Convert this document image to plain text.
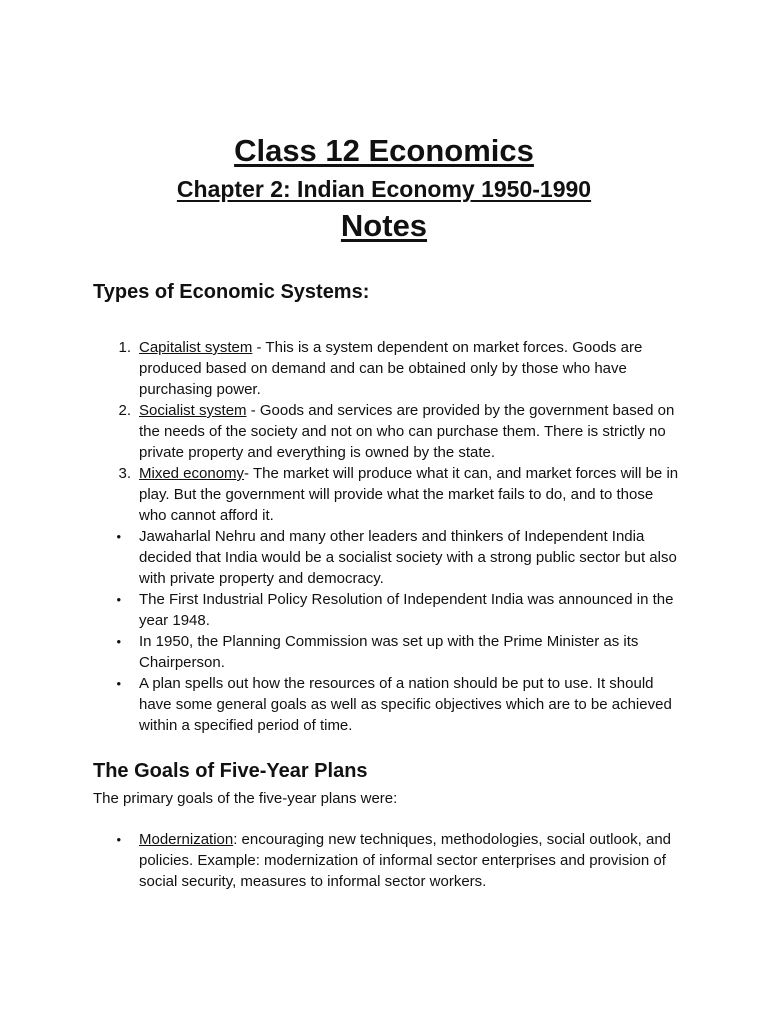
Class 12 Economics
Chapter 2: Indian Economy 1950-1990
Notes
Types of Economic Systems:
1. Capitalist system - This is a system dependent on market forces. Goods are produced based on demand and can be obtained only by those who have purchasing power.
2. Socialist system - Goods and services are provided by the government based on the needs of the society and not on who can purchase them. There is strictly no private property and everything is owned by the state.
3. Mixed economy- The market will produce what it can, and market forces will be in play. But the government will provide what the market fails to do, and to those who cannot afford it.
• Jawaharlal Nehru and many other leaders and thinkers of Independent India decided that India would be a socialist society with a strong public sector but also with private property and democracy.
• The First Industrial Policy Resolution of Independent India was announced in the year 1948.
• In 1950, the Planning Commission was set up with the Prime Minister as its Chairperson.
• A plan spells out how the resources of a nation should be put to use. It should have some general goals as well as specific objectives which are to be achieved within a specified period of time.
The Goals of Five-Year Plans

The primary goals of the five-year plans were:

• Modernization: encouraging new techniques, methodologies, social outlook, and policies. Example: modernization of informal sector enterprises and provision of social security, measures to informal sector workers.
